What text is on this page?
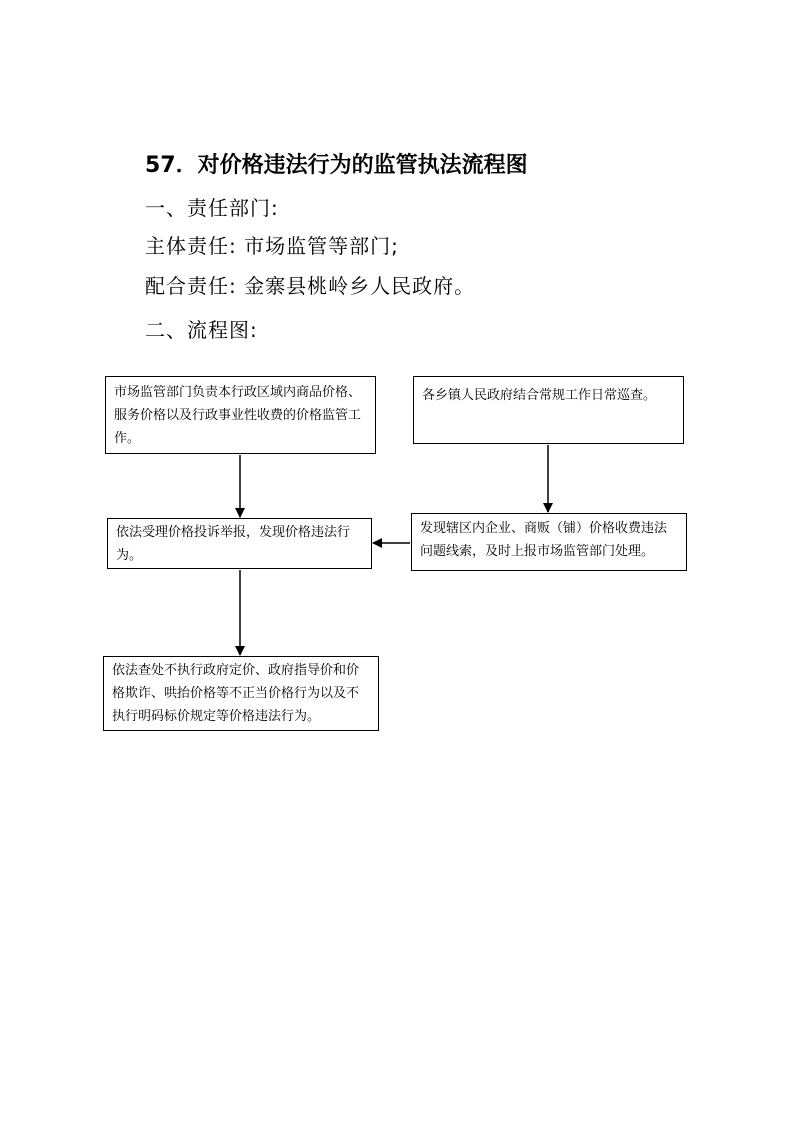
57．对价格违法行为的监管执法流程图
一、责任部门:
主体责任: 市场监管等部门;
配合责任: 金寨县桃岭乡人民政府。
二、流程图:
市场监管部门负责本行政区域内商品价格、服务价格以及行政事业性收费的价格监管工作。
各乡镇人民政府结合常规工作日常巡查。
依法受理价格投诉举报，发现价格违法行为。
发现辖区内企业、商贩（铺）价格收费违法问题线索，及时上报市场监管部门处理。
依法查处不执行政府定价、政府指导价和价格欺诈、哄抬价格等不正当价格行为以及不执行明码标价规定等价格违法行为。
